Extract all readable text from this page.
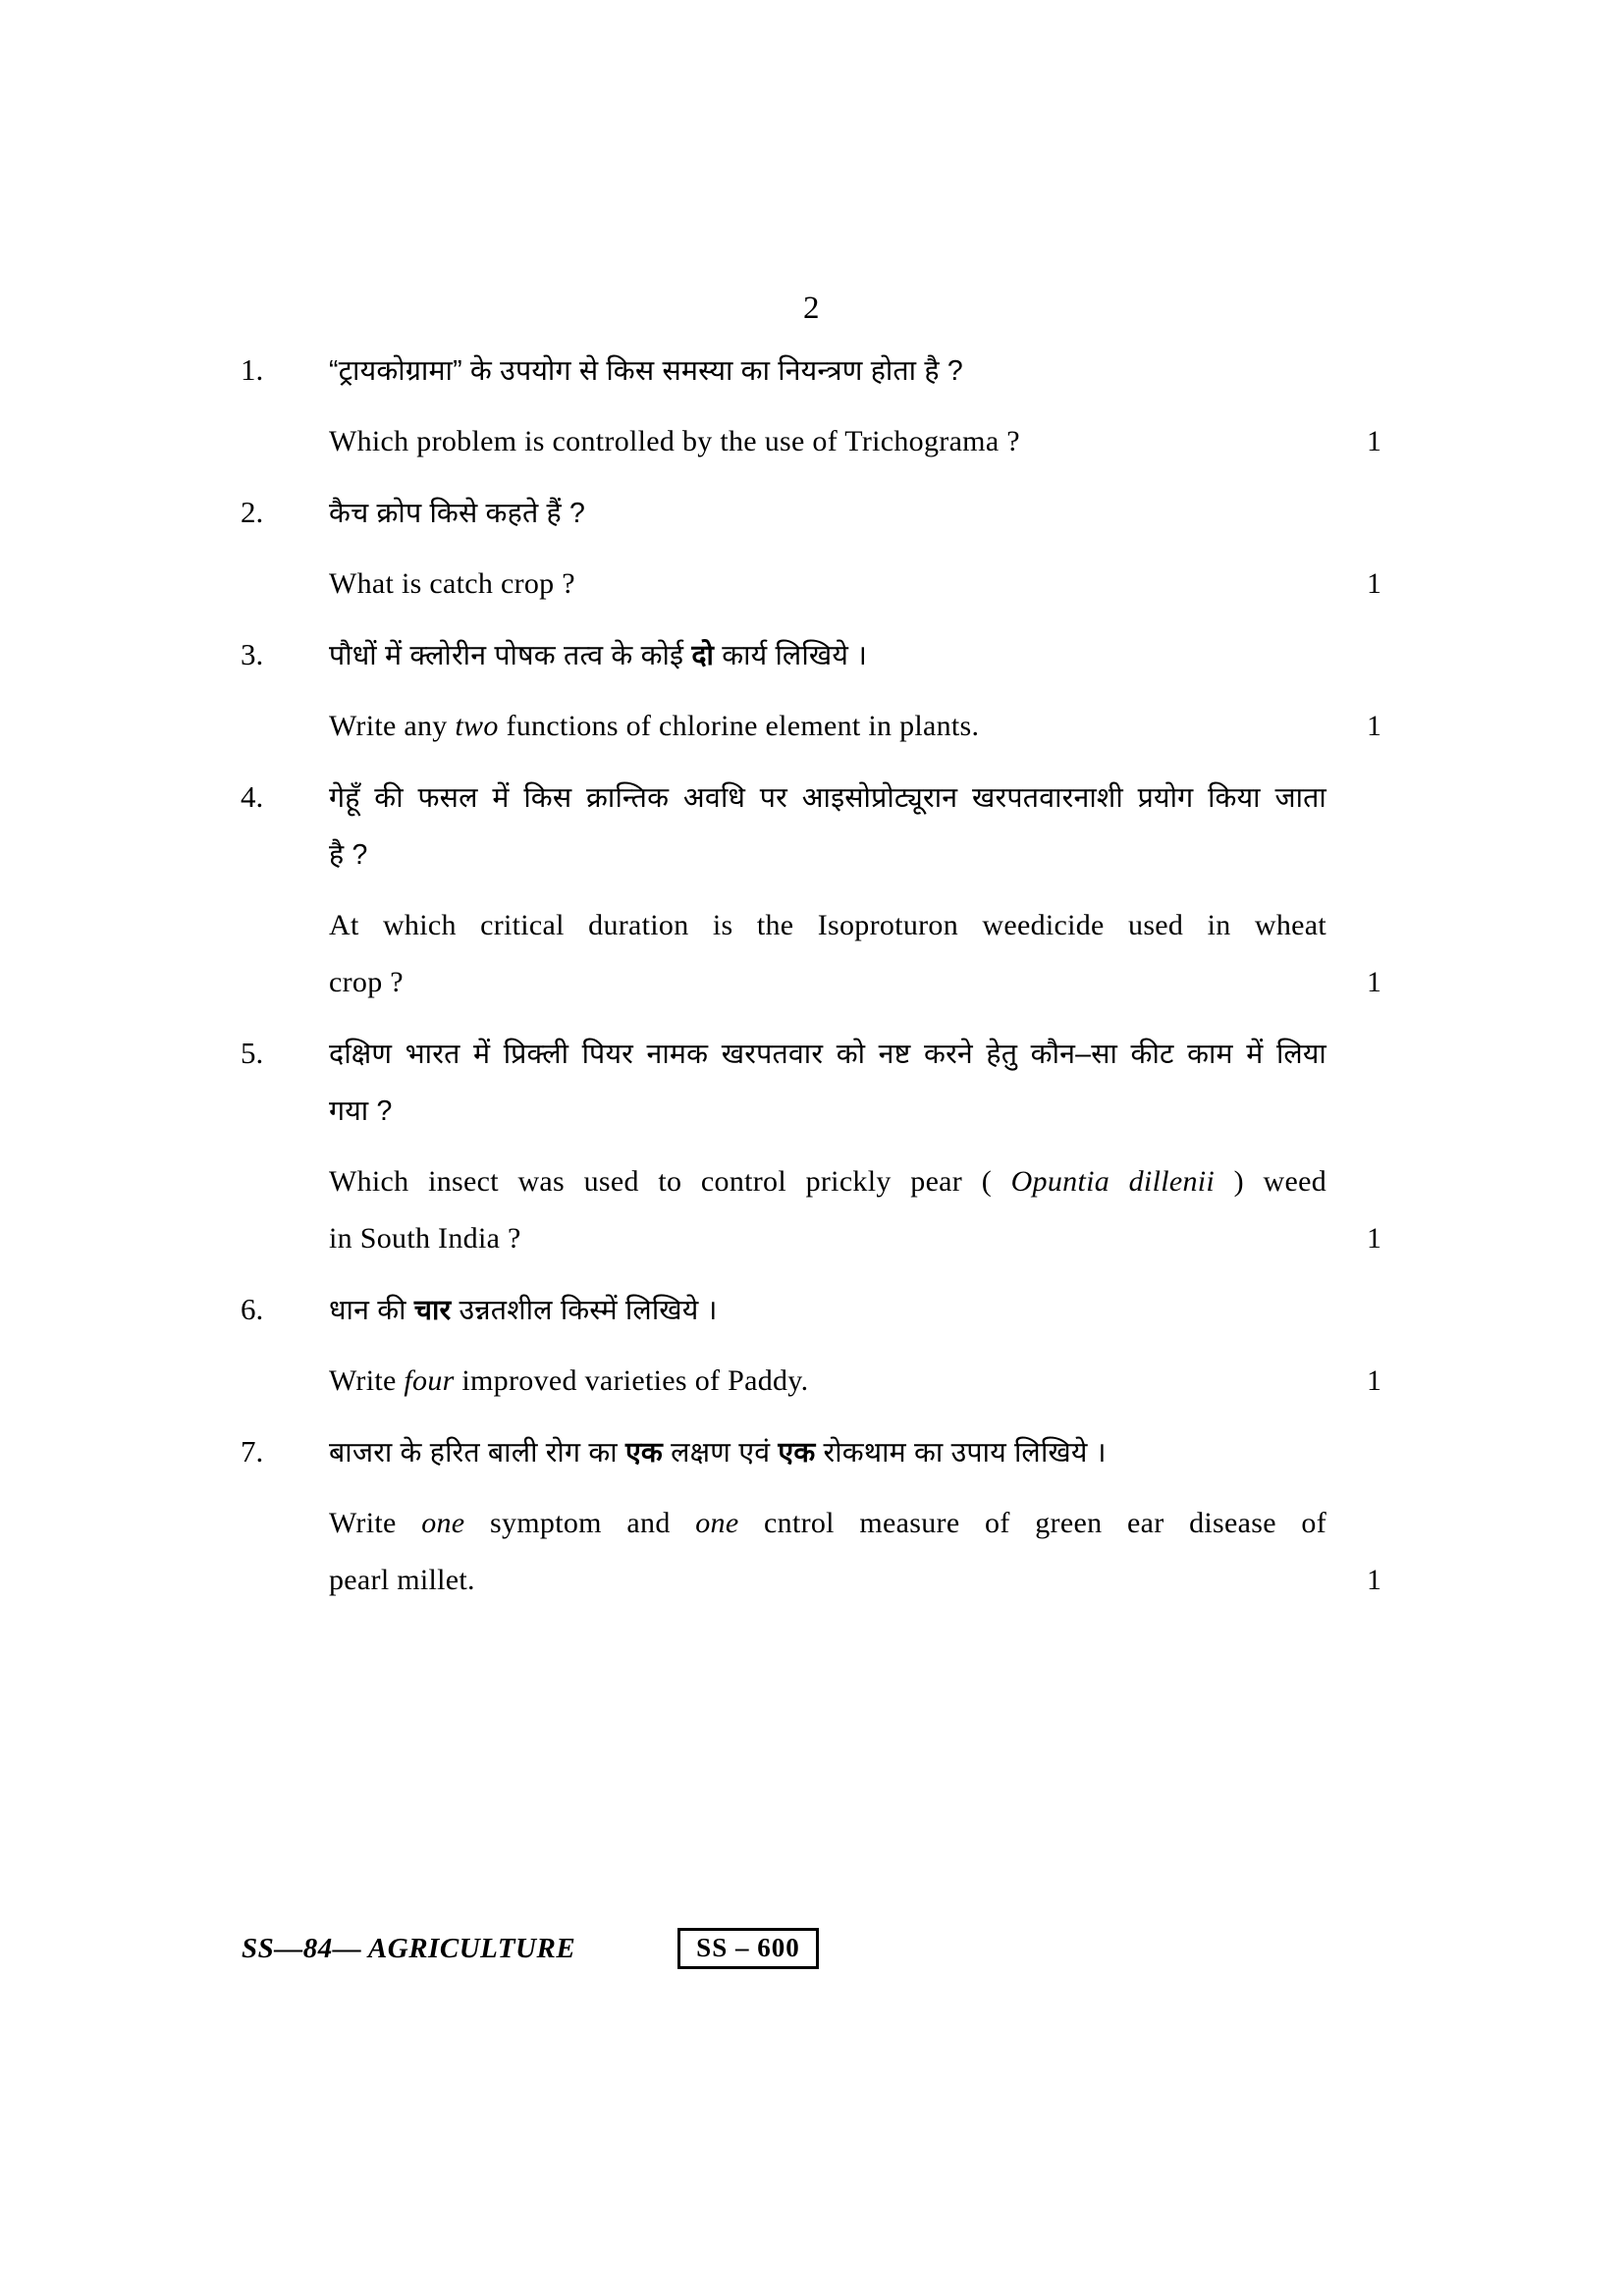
2
1.	“ट्रायकोग्रामा” के उपयोग से किस समस्या का नियन्त्रण होता है ?
Which problem is controlled by the use of Trichograma ?	1
2.	कैच क्रोप किसे कहते हैं ?
What is catch crop ?	1
3.	पौधों में क्लोरीन पोषक तत्व के कोई दो कार्य लिखिये ।
Write any two functions of chlorine element in plants.	1
4.	गेहूँ की फसल में किस क्रान्तिक अवधि पर आइसोप्रोट्यूरान खरपतवारनाशी प्रयोग किया जाता
है ?
At which critical duration is the Isoproturon weedicide used in wheat
crop ?	1
5.	दक्षिण भारत में प्रिक्ली पियर नामक खरपतवार को नष्ट करने हेतु कौन–सा कीट काम में लिया
गया ?
Which insect was used to control prickly pear ( Opuntia dillenii ) weed
in South India ?	1
6.	धान की चार उन्नतशील किस्में लिखिये ।
Write four improved varieties of Paddy.	1
7.	बाजरा के हरित बाली रोग का एक लक्षण एवं एक रोकथाम का उपाय लिखिये ।
Write one symptom and one cntrol measure of green ear disease of
pearl millet.	1
SS—84— AGRICULTURE	SS – 600
